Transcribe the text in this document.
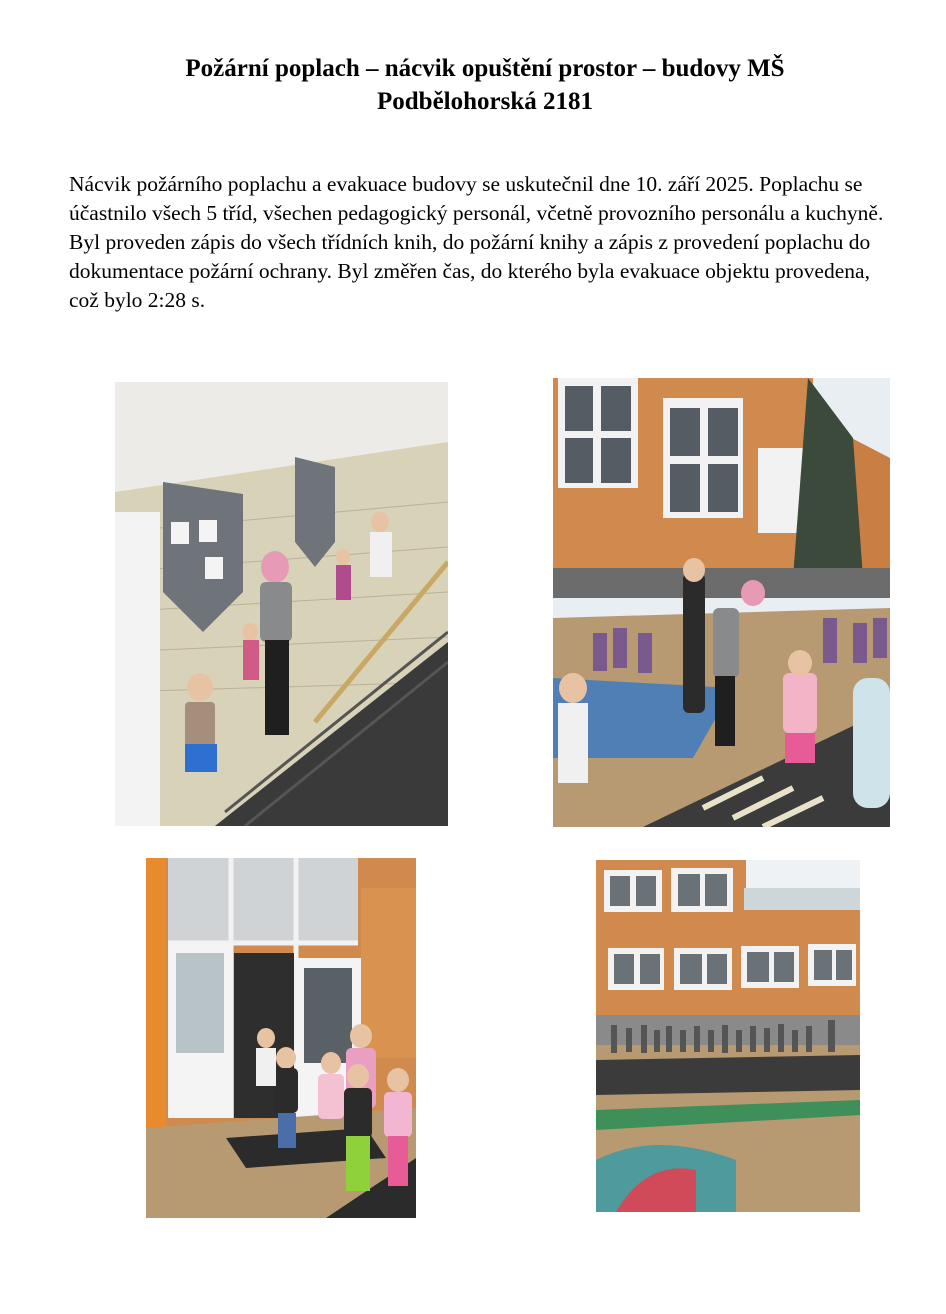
Požární poplach – nácvik opuštění prostor – budovy MŠ
Podbělohorská 2181

Nácvik požárního poplachu a evakuace budovy se uskutečnil dne 10. září 2025. Poplachu se účastnilo všech 5 tříd, všechen pedagogický personál, včetně provozního personálu a kuchyně. Byl proveden zápis do všech třídních knih, do požární knihy a zápis z provedení poplachu do dokumentace požární ochrany. Byl změřen čas, do kterého byla evakuace objektu provedena, což bylo 2:28 s.
